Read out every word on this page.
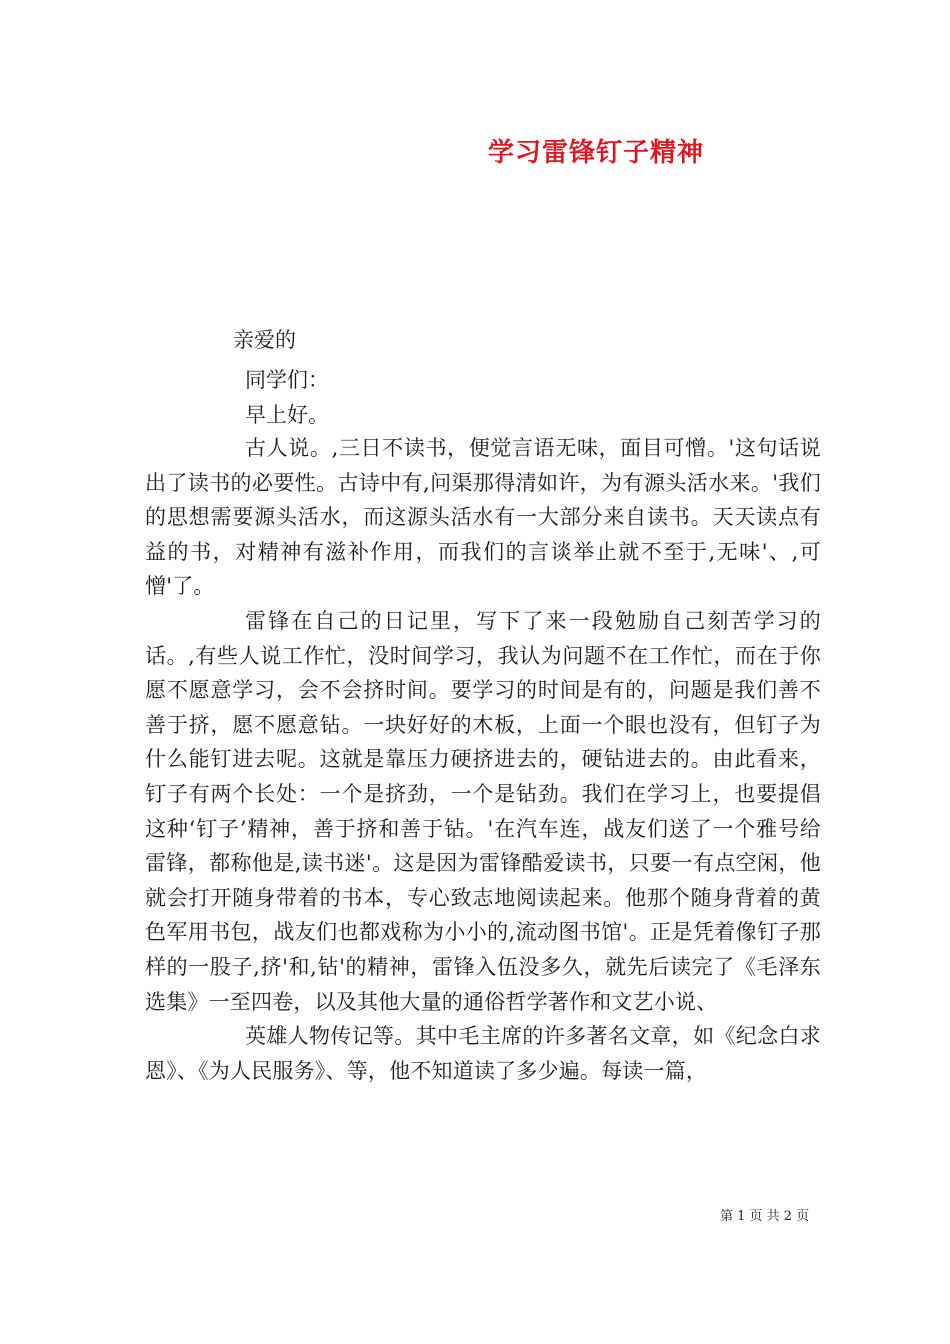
学习雷锋钉子精神
亲爱的
同学们：
早上好。

古人说。,三日不读书，便觉言语无味，面目可憎。'这句话说出了读书的必要性。古诗中有,问渠那得清如许，为有源头活水来。'我们的思想需要源头活水，而这源头活水有一大部分来自读书。天天读点有益的书，对精神有滋补作用，而我们的言谈举止就不至于,无味'、,可憎'了。

雷锋在自己的日记里，写下了来一段勉励自己刻苦学习的话。,有些人说工作忙，没时间学习，我认为问题不在工作忙，而在于你愿不愿意学习，会不会挤时间。要学习的时间是有的，问题是我们善不善于挤，愿不愿意钻。一块好好的木板，上面一个眼也没有，但钉子为什么能钉进去呢。这就是靠压力硬挤进去的，硬钻进去的。由此看来，钉子有两个长处：一个是挤劲，一个是钻劲。我们在学习上，也要提倡这种‘钉子’精神，善于挤和善于钻。'在汽车连，战友们送了一个雅号给雷锋，都称他是,读书迷'。这是因为雷锋酷爱读书，只要一有点空闲，他就会打开随身带着的书本，专心致志地阅读起来。他那个随身背着的黄色军用书包，战友们也都戏称为小小的,流动图书馆'。正是凭着像钉子那样的一股子,挤'和,钻'的精神，雷锋入伍没多久，就先后读完了《毛泽东选集》一至四卷，以及其他大量的通俗哲学著作和文艺小说、

英雄人物传记等。其中毛主席的许多著名文章，如《纪念白求恩》、《为人民服务》、等，他不知道读了多少遍。每读一篇，

第 1 页 共 2 页
